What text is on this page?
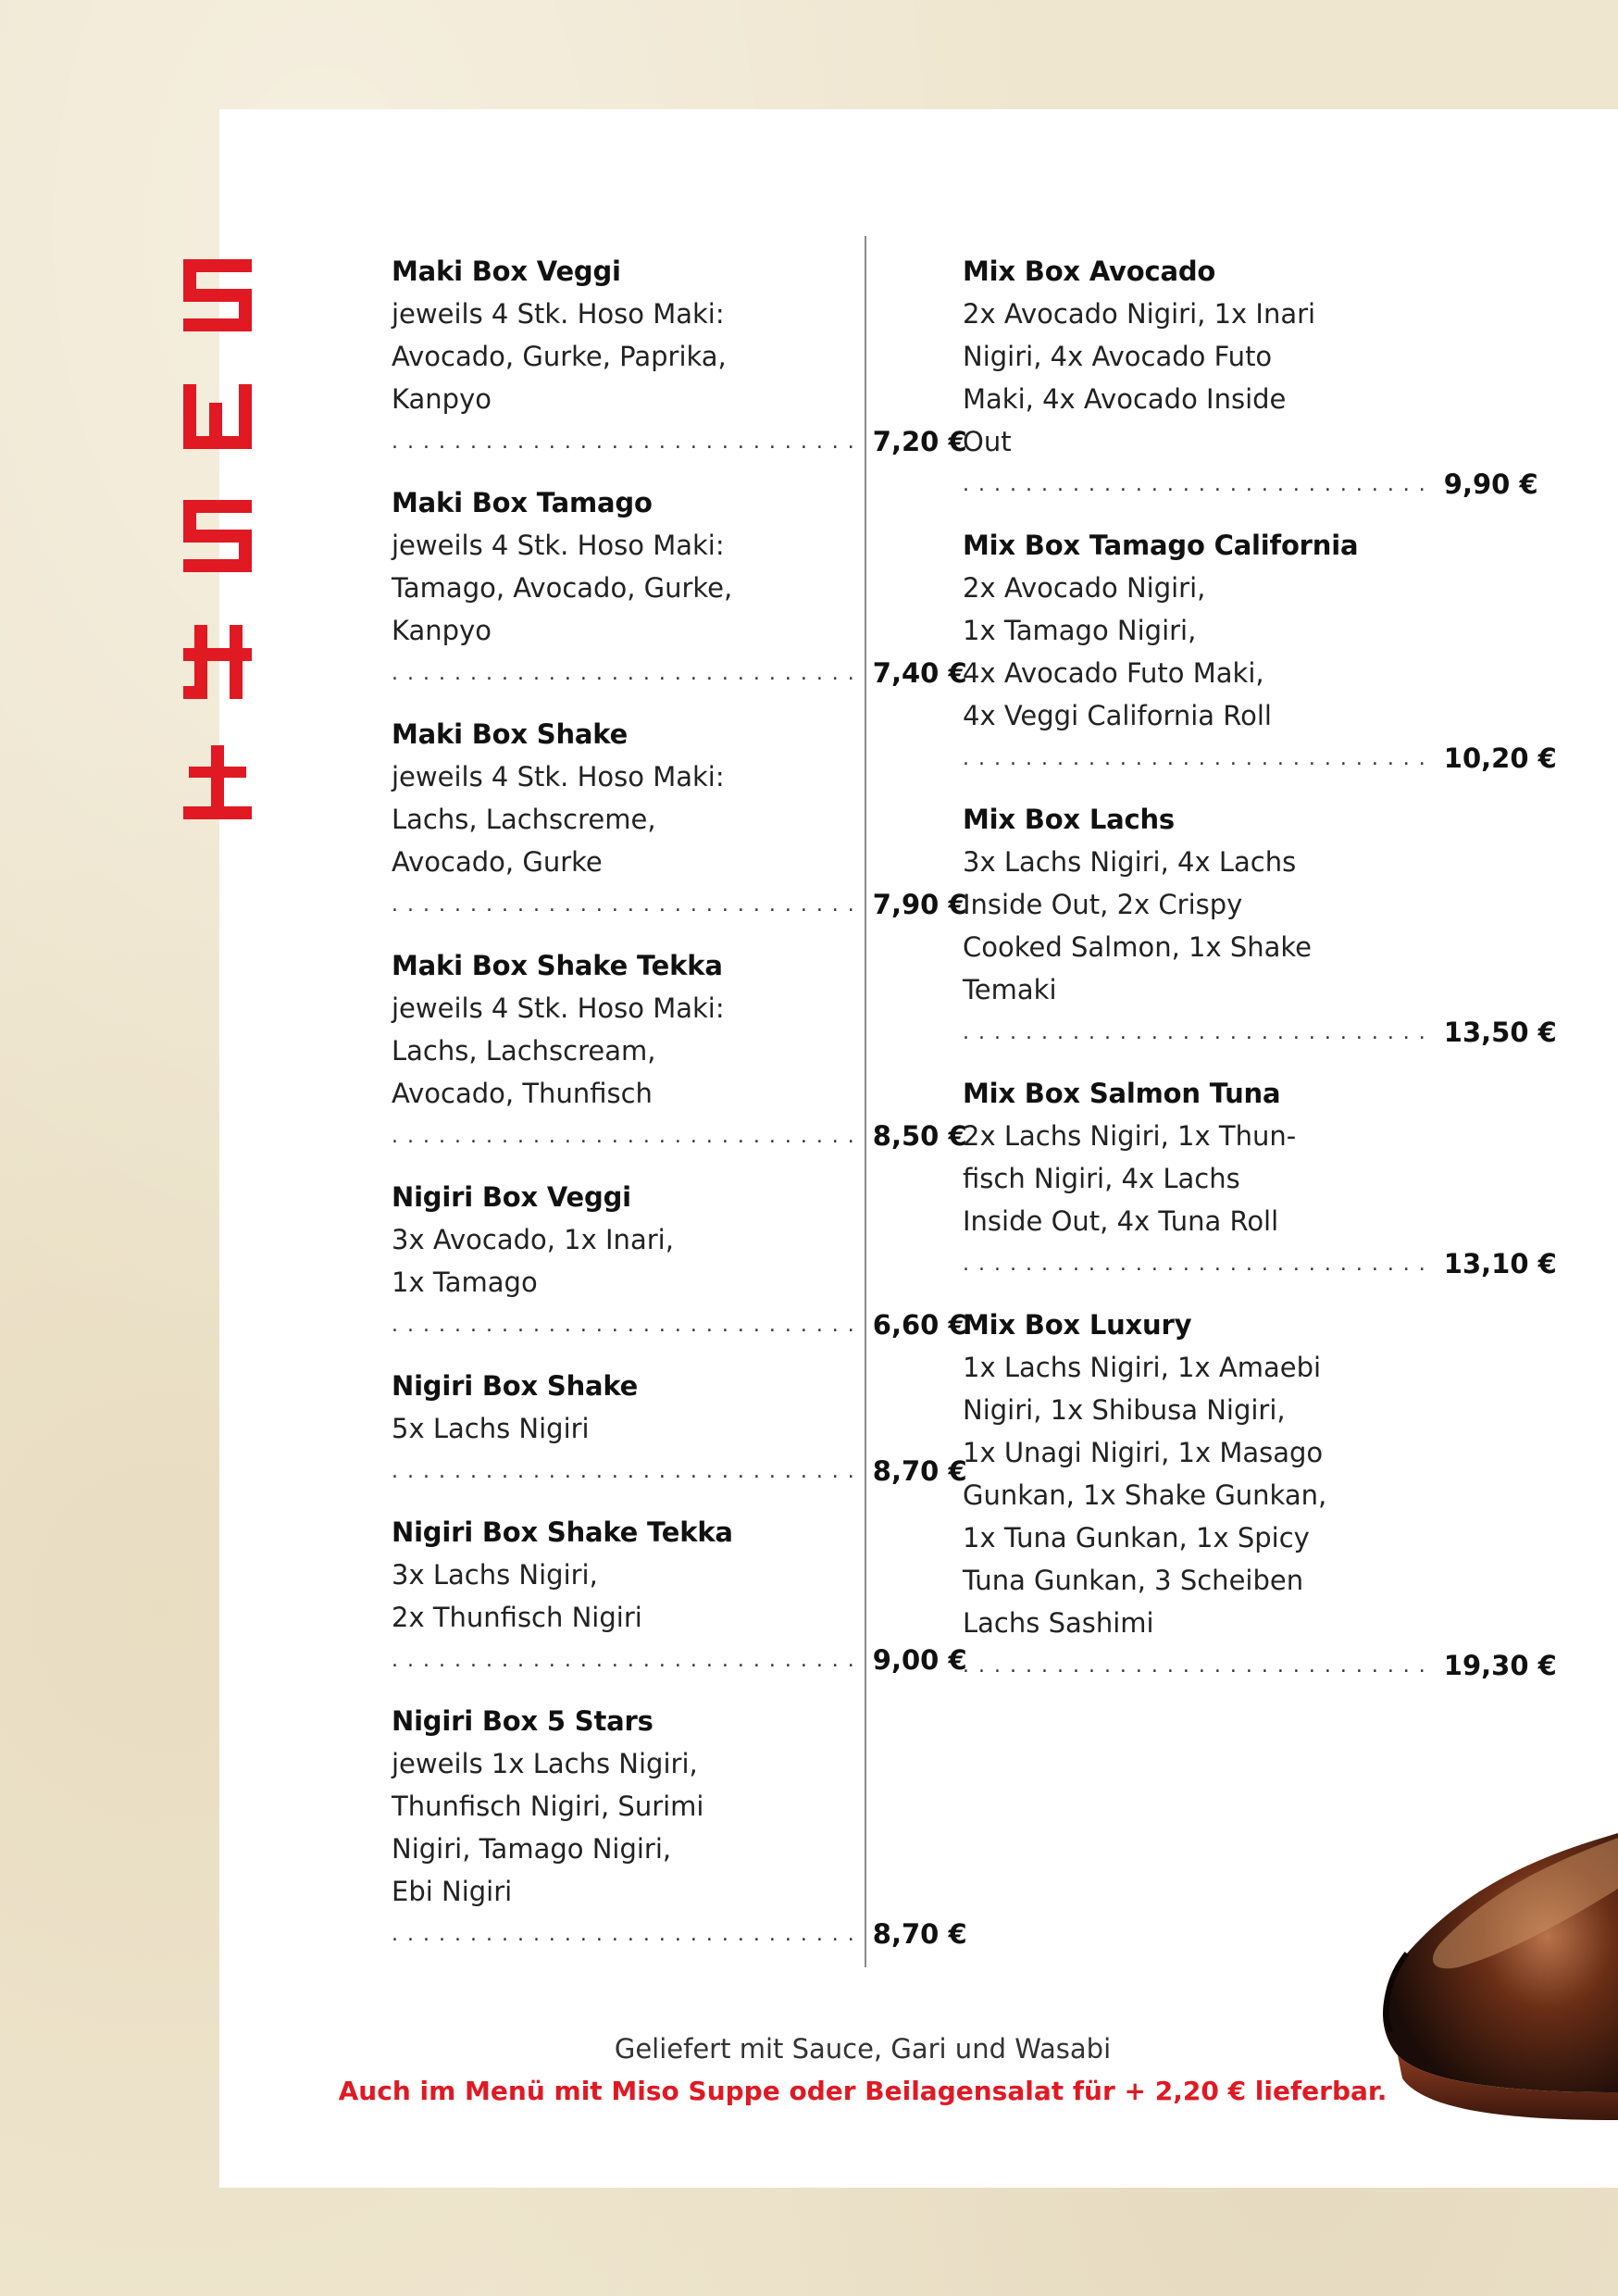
Maki Box Veggi
jeweils 4 Stk. Hoso Maki:
Avocado, Gurke, Paprika,
Kanpyo
.............................. 7,20 €
Maki Box Tamago
jeweils 4 Stk. Hoso Maki:
Tamago, Avocado, Gurke,
Kanpyo
.............................. 7,40 €
Maki Box Shake
jeweils 4 Stk. Hoso Maki:
Lachs, Lachscreme,
Avocado, Gurke
.............................. 7,90 €
Maki Box Shake Tekka
jeweils 4 Stk. Hoso Maki:
Lachs, Lachscream,
Avocado, Thunfisch
.............................. 8,50 €
Nigiri Box Veggi
3x Avocado, 1x Inari,
1x Tamago
.............................. 6,60 €
Nigiri Box Shake
5x Lachs Nigiri
.............................. 8,70 €
Nigiri Box Shake Tekka
3x Lachs Nigiri,
2x Thunfisch Nigiri
.............................. 9,00 €
Nigiri Box 5 Stars
jeweils 1x Lachs Nigiri,
Thunfisch Nigiri, Surimi
Nigiri, Tamago Nigiri,
Ebi Nigiri
.............................. 8,70 €
Mix Box Avocado
2x Avocado Nigiri, 1x Inari
Nigiri, 4x Avocado Futo
Maki, 4x Avocado Inside
Out
.............................. 9,90 €
Mix Box Tamago California
2x Avocado Nigiri,
1x Tamago Nigiri,
4x Avocado Futo Maki,
4x Veggi California Roll
.............................. 10,20 €
Mix Box Lachs
3x Lachs Nigiri, 4x Lachs
Inside Out, 2x Crispy
Cooked Salmon, 1x Shake
Temaki
.............................. 13,50 €
Mix Box Salmon Tuna
2x Lachs Nigiri, 1x Thun-
fisch Nigiri, 4x Lachs
Inside Out, 4x Tuna Roll
.............................. 13,10 €
Mix Box Luxury
1x Lachs Nigiri, 1x Amaebi
Nigiri, 1x Shibusa Nigiri,
1x Unagi Nigiri, 1x Masago
Gunkan, 1x Shake Gunkan,
1x Tuna Gunkan, 1x Spicy
Tuna Gunkan, 3 Scheiben
Lachs Sashimi
.............................. 19,30 €
Geliefert mit Sauce, Gari und Wasabi
Auch im Menü mit Miso Suppe oder Beilagensalat für + 2,20 € lieferbar.
